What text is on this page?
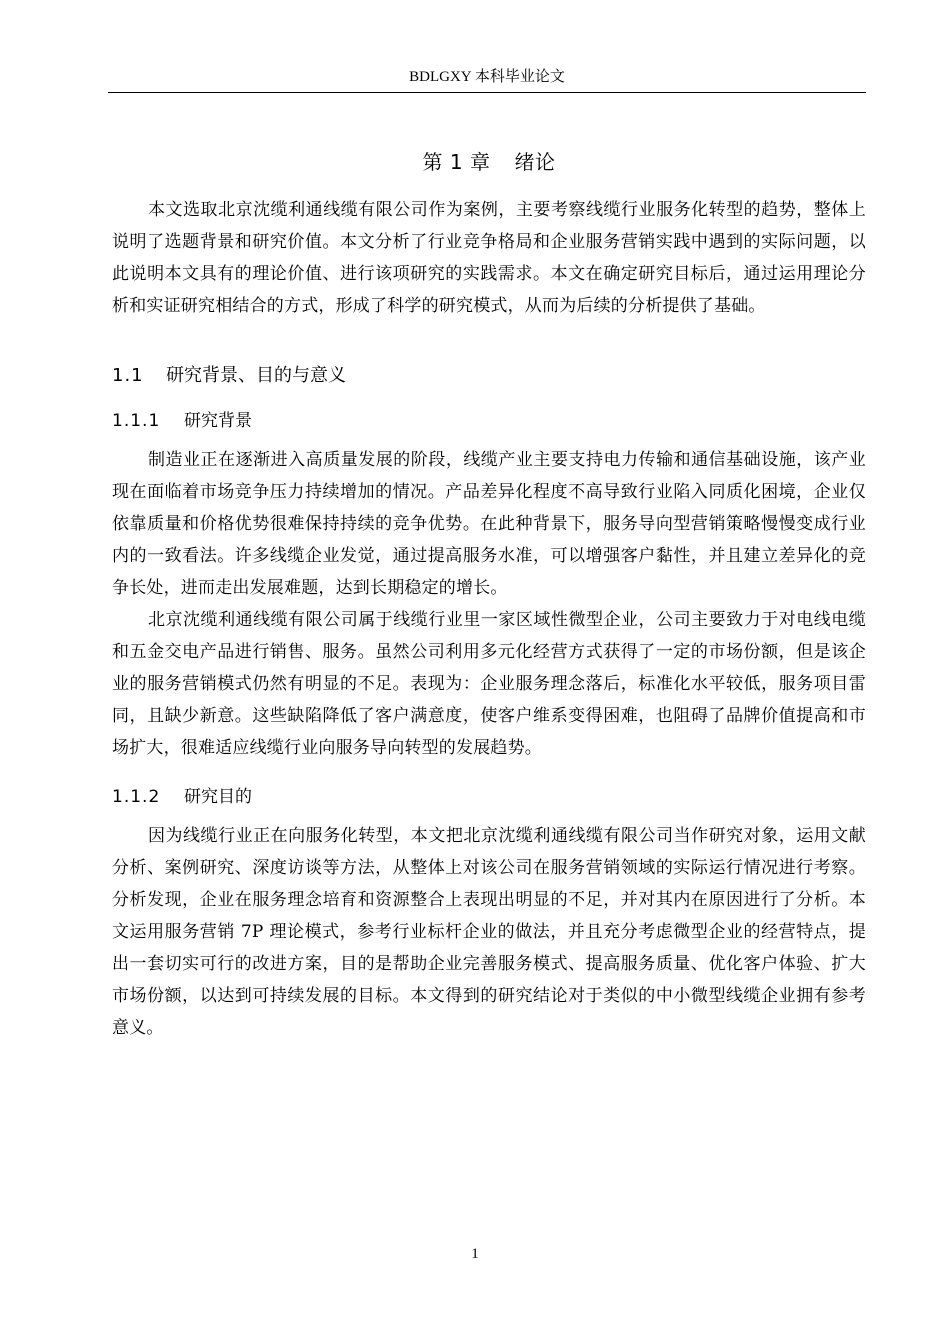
BDLGXY 本科毕业论文
第 1 章 绪论

本文选取北京沈缆利通线缆有限公司作为案例，主要考察线缆行业服务化转型的趋势，整体上说明了选题背景和研究价值。本文分析了行业竞争格局和企业服务营销实践中遇到的实际问题，以此说明本文具有的理论价值、进行该项研究的实践需求。本文在确定研究目标后，通过运用理论分析和实证研究相结合的方式，形成了科学的研究模式，从而为后续的分析提供了基础。

1.1 研究背景、目的与意义
1.1.1 研究背景

制造业正在逐渐进入高质量发展的阶段，线缆产业主要支持电力传输和通信基础设施，该产业现在面临着市场竞争压力持续增加的情况。产品差异化程度不高导致行业陷入同质化困境，企业仅依靠质量和价格优势很难保持持续的竞争优势。在此种背景下，服务导向型营销策略慢慢变成行业内的一致看法。许多线缆企业发觉，通过提高服务水准，可以增强客户黏性，并且建立差异化的竞争长处，进而走出发展难题，达到长期稳定的增长。

北京沈缆利通线缆有限公司属于线缆行业里一家区域性微型企业，公司主要致力于对电线电缆和五金交电产品进行销售、服务。虽然公司利用多元化经营方式获得了一定的市场份额，但是该企业的服务营销模式仍然有明显的不足。表现为：企业服务理念落后，标准化水平较低，服务项目雷同，且缺少新意。这些缺陷降低了客户满意度，使客户维系变得困难，也阻碍了品牌价值提高和市场扩大，很难适应线缆行业向服务导向转型的发展趋势。

1.1.2 研究目的

因为线缆行业正在向服务化转型，本文把北京沈缆利通线缆有限公司当作研究对象，运用文献分析、案例研究、深度访谈等方法，从整体上对该公司在服务营销领域的实际运行情况进行考察。分析发现，企业在服务理念培育和资源整合上表现出明显的不足，并对其内在原因进行了分析。本文运用服务营销 7P 理论模式，参考行业标杆企业的做法，并且充分考虑微型企业的经营特点，提出一套切实可行的改进方案，目的是帮助企业完善服务模式、提高服务质量、优化客户体验、扩大市场份额，以达到可持续发展的目标。本文得到的研究结论对于类似的中小微型线缆企业拥有参考意义。

1
